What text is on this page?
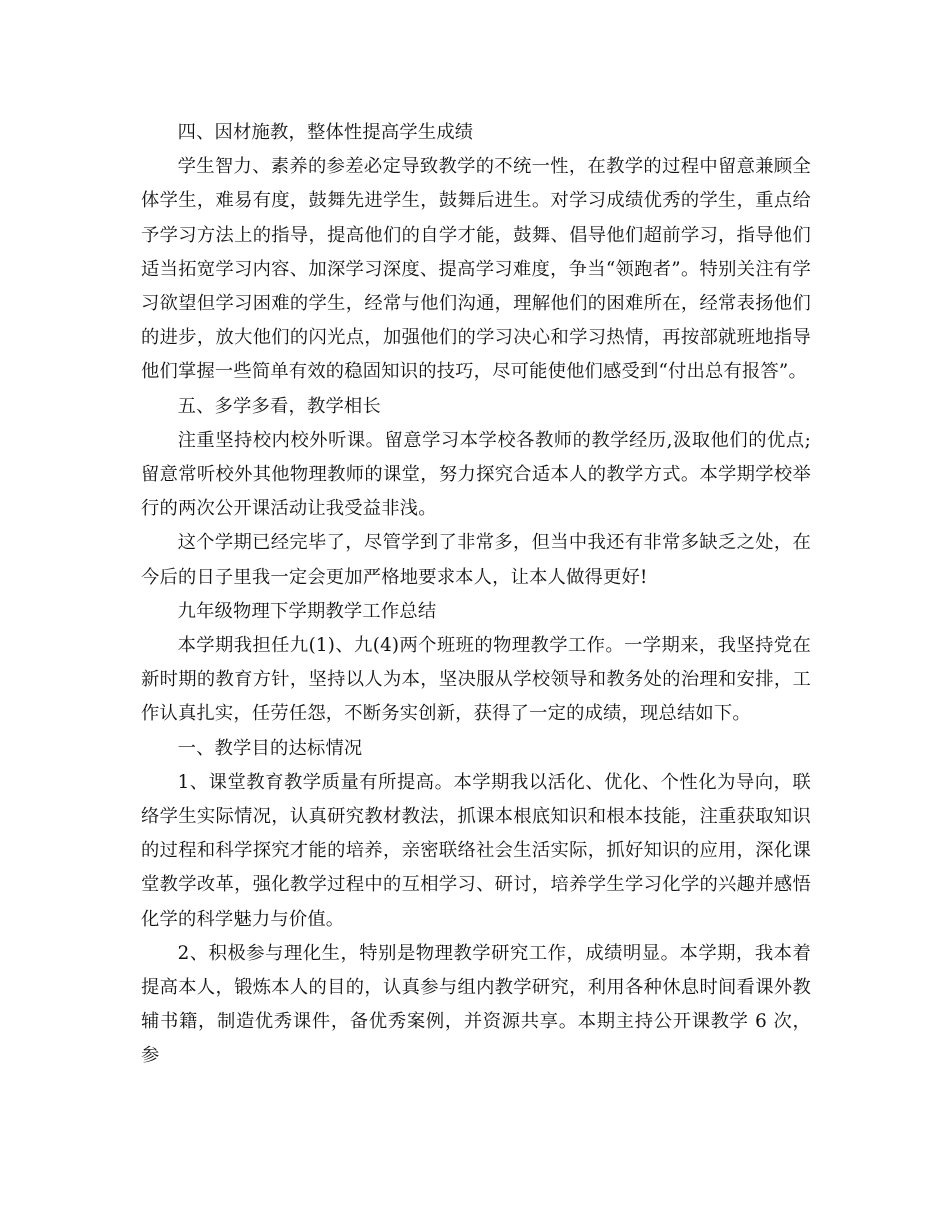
四、因材施教，整体性提高学生成绩

学生智力、素养的参差必定导致教学的不统一性，在教学的过程中留意兼顾全体学生，难易有度，鼓舞先进学生，鼓舞后进生。对学习成绩优秀的学生，重点给予学习方法上的指导，提高他们的自学才能，鼓舞、倡导他们超前学习，指导他们适当拓宽学习内容、加深学习深度、提高学习难度，争当“领跑者”。特别关注有学习欲望但学习困难的学生，经常与他们沟通，理解他们的困难所在，经常表扬他们的进步，放大他们的闪光点，加强他们的学习决心和学习热情，再按部就班地指导他们掌握一些简单有效的稳固知识的技巧，尽可能使他们感受到“付出总有报答”。

五、多学多看，教学相长

注重坚持校内校外听课。留意学习本学校各教师的教学经历,汲取他们的优点;留意常听校外其他物理教师的课堂，努力探究合适本人的教学方式。本学期学校举行的两次公开课活动让我受益非浅。

这个学期已经完毕了，尽管学到了非常多，但当中我还有非常多缺乏之处，在今后的日子里我一定会更加严格地要求本人，让本人做得更好!

九年级物理下学期教学工作总结

本学期我担任九(1)、九(4)两个班班的物理教学工作。一学期来，我坚持党在新时期的教育方针，坚持以人为本，坚决服从学校领导和教务处的治理和安排，工作认真扎实，任劳任怨，不断务实创新，获得了一定的成绩，现总结如下。

一、教学目的达标情况

1、课堂教育教学质量有所提高。本学期我以活化、优化、个性化为导向，联络学生实际情况，认真研究教材教法，抓课本根底知识和根本技能，注重获取知识的过程和科学探究才能的培养，亲密联络社会生活实际，抓好知识的应用，深化课堂教学改革，强化教学过程中的互相学习、研讨，培养学生学习化学的兴趣并感悟化学的科学魅力与价值。

2、积极参与理化生，特别是物理教学研究工作，成绩明显。本学期，我本着提高本人，锻炼本人的目的，认真参与组内教学研究，利用各种休息时间看课外教辅书籍，制造优秀课件，备优秀案例，并资源共享。本期主持公开课教学 6 次，参
